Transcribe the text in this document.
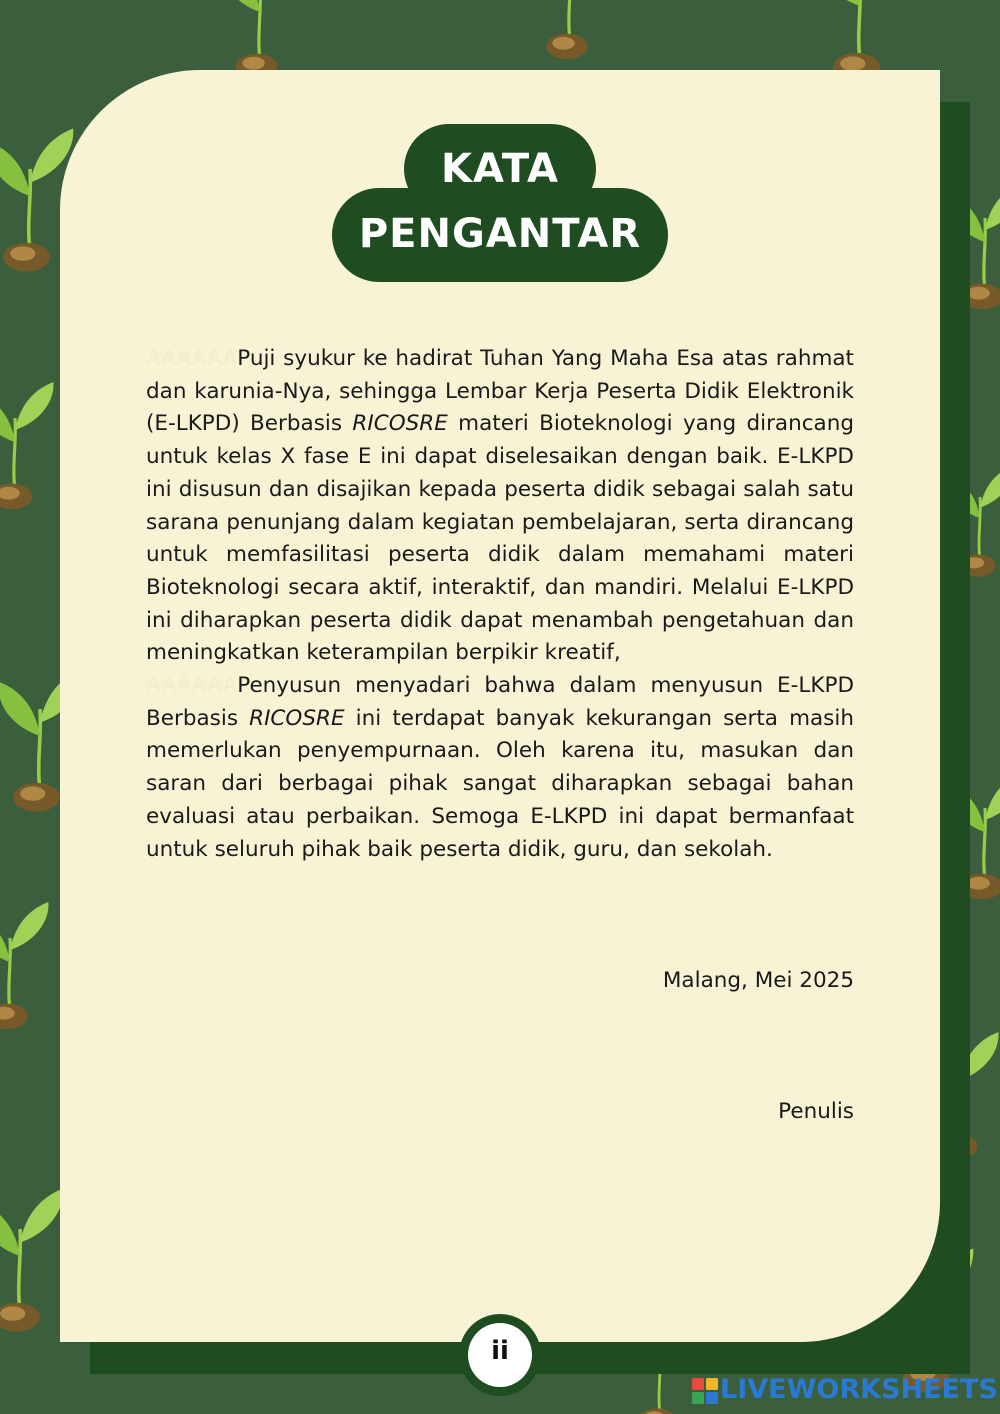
KATA
PENGANTAR

AAAAAAPuji syukur ke hadirat Tuhan Yang Maha Esa atas rahmat dan karunia-Nya, sehingga Lembar Kerja Peserta Didik Elektronik (E-LKPD) Berbasis RICOSRE materi Bioteknologi yang dirancang untuk kelas X fase E ini dapat diselesaikan dengan baik. E-LKPD ini disusun dan disajikan kepada peserta didik sebagai salah satu sarana penunjang dalam kegiatan pembelajaran, serta dirancang untuk memfasilitasi peserta didik dalam memahami materi Bioteknologi secara aktif, interaktif, dan mandiri. Melalui E-LKPD ini diharapkan peserta didik dapat menambah pengetahuan dan meningkatkan keterampilan berpikir kreatif,

AAAAAAPenyusun menyadari bahwa dalam menyusun E-LKPD Berbasis RICOSRE ini terdapat banyak kekurangan serta masih memerlukan penyempurnaan. Oleh karena itu, masukan dan saran dari berbagai pihak sangat diharapkan sebagai bahan evaluasi atau perbaikan. Semoga E-LKPD ini dapat bermanfaat untuk seluruh pihak baik peserta didik, guru, dan sekolah.

Malang, Mei 2025
Penulis
ii
LIVEWORKSHEETS
